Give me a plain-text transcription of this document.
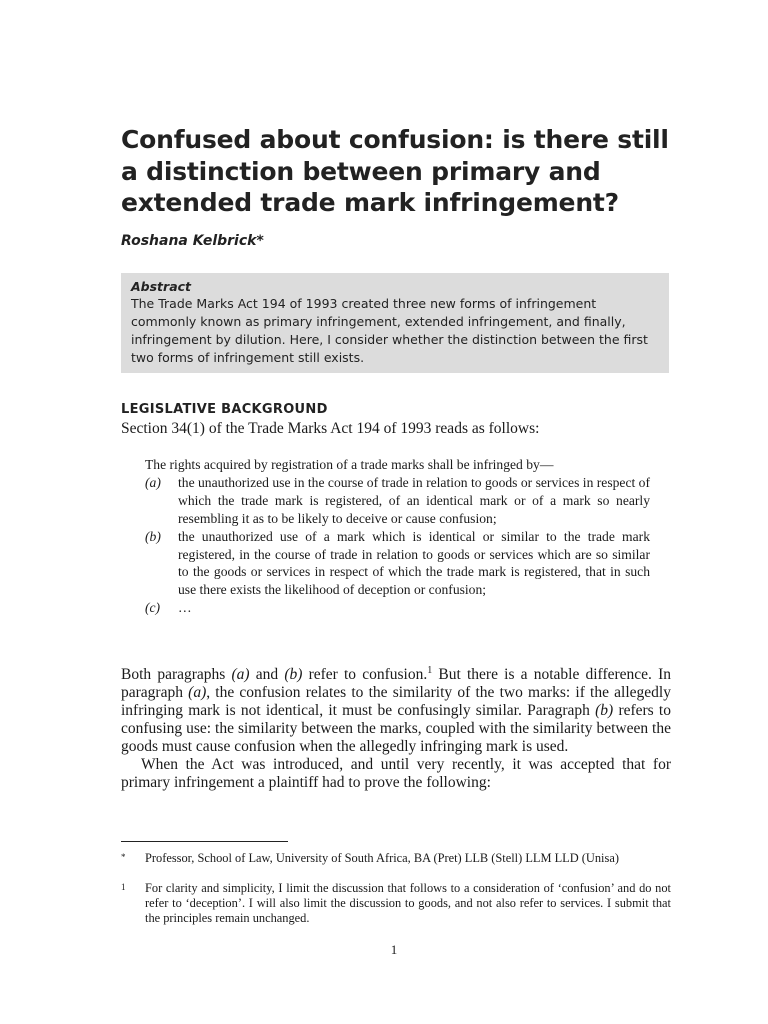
Confused about confusion: is there still a distinction between primary and extended trade mark infringement?
Roshana Kelbrick*
Abstract
The Trade Marks Act 194 of 1993 created three new forms of infringement commonly known as primary infringement, extended infringement, and finally, infringement by dilution. Here, I consider whether the distinction between the first two forms of infringement still exists.
LEGISLATIVE BACKGROUND
Section 34(1) of the Trade Marks Act 194 of 1993 reads as follows:
The rights acquired by registration of a trade marks shall be infringed by—
(a)	the unauthorized use in the course of trade in relation to goods or services in respect of which the trade mark is registered, of an identical mark or of a mark so nearly resembling it as to be likely to deceive or cause confusion;
(b)	the unauthorized use of a mark which is identical or similar to the trade mark registered, in the course of trade in relation to goods or services which are so similar to the goods or services in respect of which the trade mark is registered, that in such use there exists the likelihood of deception or confusion;
(c)	…

Both paragraphs (a) and (b) refer to confusion.$^1$ But there is a notable difference. In paragraph (a), the confusion relates to the similarity of the two marks: if the allegedly infringing mark is not identical, it must be confusingly similar. Paragraph (b) refers to confusing use: the similarity between the marks, coupled with the similarity between the goods must cause confusion when the allegedly infringing mark is used.

When the Act was introduced, and until very recently, it was accepted that for primary infringement a plaintiff had to prove the following:

*	Professor, School of Law, University of South Africa, BA (Pret) LLB (Stell) LLM LLD (Unisa)
1	For clarity and simplicity, I limit the discussion that follows to a consideration of ‘confusion’ and do not refer to ‘deception’. I will also limit the discussion to goods, and not also refer to services. I submit that the principles remain unchanged.
1
